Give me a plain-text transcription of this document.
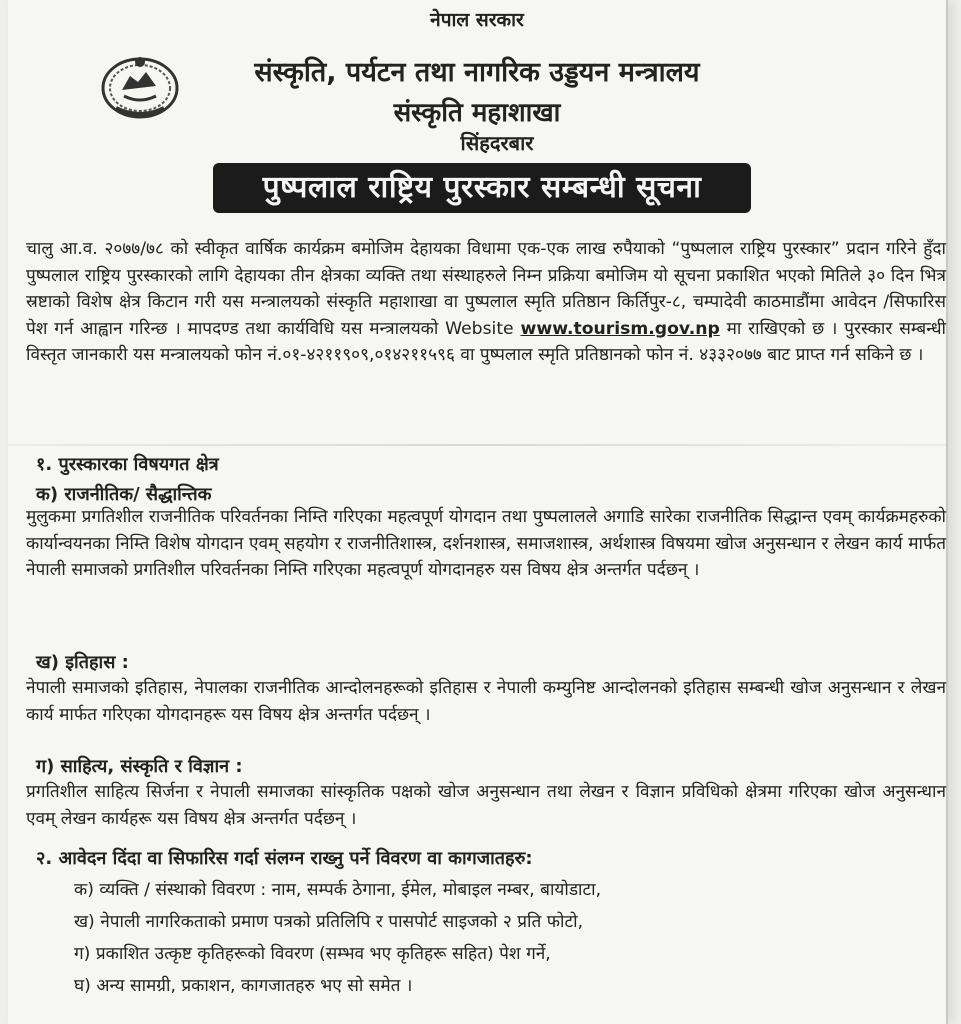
नेपाल सरकार
संस्कृति, पर्यटन तथा नागरिक उड्डयन मन्त्रालय
संस्कृति महाशाखा
सिंहदरबार
पुष्पलाल राष्ट्रिय पुरस्कार सम्बन्धी सूचना
चालु आ.व. २०७७/७८ को स्वीकृत वार्षिक कार्यक्रम बमोजिम देहायका विधामा एक-एक लाख रुपैयाको “पुष्पलाल राष्ट्रिय पुरस्कार” प्रदान गरिने हुँदा पुष्पलाल राष्ट्रिय पुरस्कारको लागि देहायका तीन क्षेत्रका व्यक्ति तथा संस्थाहरुले निम्न प्रक्रिया बमोजिम यो सूचना प्रकाशित भएको मितिले ३० दिन भित्र स्रष्टाको विशेष क्षेत्र किटान गरी यस मन्त्रालयको संस्कृति महाशाखा वा पुष्पलाल स्मृति प्रतिष्ठान किर्तिपुर-८, चम्पादेवी काठमाडौंमा आवेदन /सिफारिस पेश गर्न आह्वान गरिन्छ । मापदण्ड तथा कार्यविधि यस मन्त्रालयको Website www.tourism.gov.np मा राखिएको छ । पुरस्कार सम्बन्धी विस्तृत जानकारी यस मन्त्रालयको फोन नं.०१-४२११९०९,०१४२११५९६ वा पुष्पलाल स्मृति प्रतिष्ठानको फोन नं. ४३३२०७७ बाट प्राप्त गर्न सकिने छ ।
१. पुरस्कारका विषयगत क्षेत्र
क) राजनीतिक/ सैद्धान्तिक
मुलुकमा प्रगतिशील राजनीतिक परिवर्तनका निम्ति गरिएका महत्वपूर्ण योगदान तथा पुष्पलालले अगाडि सारेका राजनीतिक सिद्धान्त एवम् कार्यक्रमहरुको कार्यान्वयनका निम्ति विशेष योगदान एवम् सहयोग र राजनीतिशास्त्र, दर्शनशास्त्र, समाजशास्त्र, अर्थशास्त्र विषयमा खोज अनुसन्धान र लेखन कार्य मार्फत नेपाली समाजको प्रगतिशील परिवर्तनका निम्ति गरिएका महत्वपूर्ण योगदानहरु यस विषय क्षेत्र अन्तर्गत पर्दछन् ।
ख) इतिहास :
नेपाली समाजको इतिहास, नेपालका राजनीतिक आन्दोलनहरूको इतिहास र नेपाली कम्युनिष्ट आन्दोलनको इतिहास सम्बन्धी खोज अनुसन्धान र लेखन कार्य मार्फत गरिएका योगदानहरू यस विषय क्षेत्र अन्तर्गत पर्दछन् ।
ग) साहित्य, संस्कृति र विज्ञान :
प्रगतिशील साहित्य सिर्जना र नेपाली समाजका सांस्कृतिक पक्षको खोज अनुसन्धान तथा लेखन र विज्ञान प्रविधिको क्षेत्रमा गरिएका खोज अनुसन्धान एवम् लेखन कार्यहरू यस विषय क्षेत्र अन्तर्गत पर्दछन् ।
२. आवेदन दिंदा वा सिफारिस गर्दा संलग्न राख्नु पर्ने विवरण वा कागजातहरु:
क) व्यक्ति / संस्थाको विवरण : नाम, सम्पर्क ठेगाना, ईमेल, मोबाइल नम्बर, बायोडाटा,
ख) नेपाली नागरिकताको प्रमाण पत्रको प्रतिलिपि र पासपोर्ट साइजको २ प्रति फोटो,
ग) प्रकाशित उत्कृष्ट कृतिहरूको विवरण (सम्भव भए कृतिहरू सहित) पेश गर्ने,
घ) अन्य सामग्री, प्रकाशन, कागजातहरु भए सो समेत ।
